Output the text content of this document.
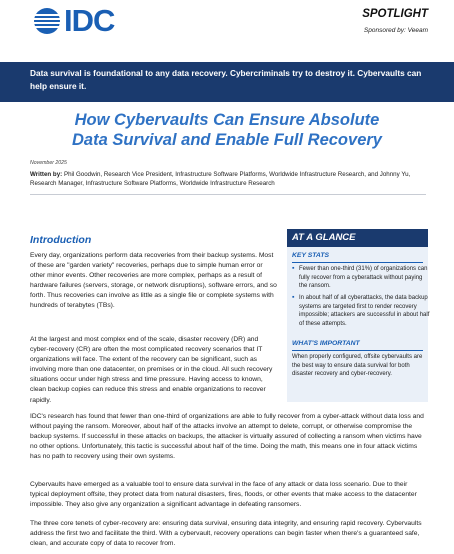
IDC	SPOTLIGHT
Sponsored by: Veeam
Data survival is foundational to any data recovery. Cybercriminals try to destroy it. Cybervaults can help ensure it.
How Cybervaults Can Ensure Absolute
Data Survival and Enable Full Recovery
November 2025
Written by: Phil Goodwin, Research Vice President, Infrastructure Software Platforms, Worldwide Infrastructure Research, and Johnny Yu, Research Manager, Infrastructure Software Platforms, Worldwide Infrastructure Research
Introduction

Every day, organizations perform data recoveries from their backup systems. Most of these are "garden variety" recoveries, perhaps due to simple human error or other minor events. Other recoveries are more complex, perhaps as a result of hardware failures (servers, storage, or network disruptions), software errors, and so forth. Thus recoveries can involve as little as a single file or complete systems with hundreds of terabytes (TBs).

At the largest and most complex end of the scale, disaster recovery (DR) and cyber-recovery (CR) are often the most complicated recovery scenarios that IT organizations will face. The extent of the recovery can be significant, such as involving more than one datacenter, on premises or in the cloud. All such recovery situations occur under high stress and time pressure. Having access to known, clean backup copies can reduce this stress and enable organizations to recover rapidly.

AT A GLANCE
KEY STATS

▪ Fewer than one-third (31%) of organizations can fully recover from a cyberattack without paying the ransom.

▪ In about half of all cyberattacks, the data backup systems are targeted first to render recovery impossible; attackers are successful in about half of these attempts.

WHAT'S IMPORTANT

When properly configured, offsite cybervaults are the best way to ensure data survival for both disaster recovery and cyber-recovery.

IDC's research has found that fewer than one-third of organizations are able to fully recover from a cyber-attack without data loss and without paying the ransom. Moreover, about half of the attacks involve an attempt to delete, corrupt, or otherwise compromise the backup systems. If successful in these attacks on backups, the attacker is virtually assured of collecting a ransom when victims have no other options. Unfortunately, this tactic is successful about half of the time. Doing the math, this means one in four attack victims has no path to recovery using their own systems.

Cybervaults have emerged as a valuable tool to ensure data survival in the face of any attack or data loss scenario. Due to their typical deployment offsite, they protect data from natural disasters, fires, floods, or other events that make access to the datacenter impossible. They also give any organization a significant advantage in defeating ransomers.

The three core tenets of cyber-recovery are: ensuring data survival, ensuring data integrity, and ensuring rapid recovery. Cybervaults address the first two and facilitate the third. With a cybervault, recovery operations can begin faster when there's a guaranteed safe, clean, and accurate copy of data to recover from.
